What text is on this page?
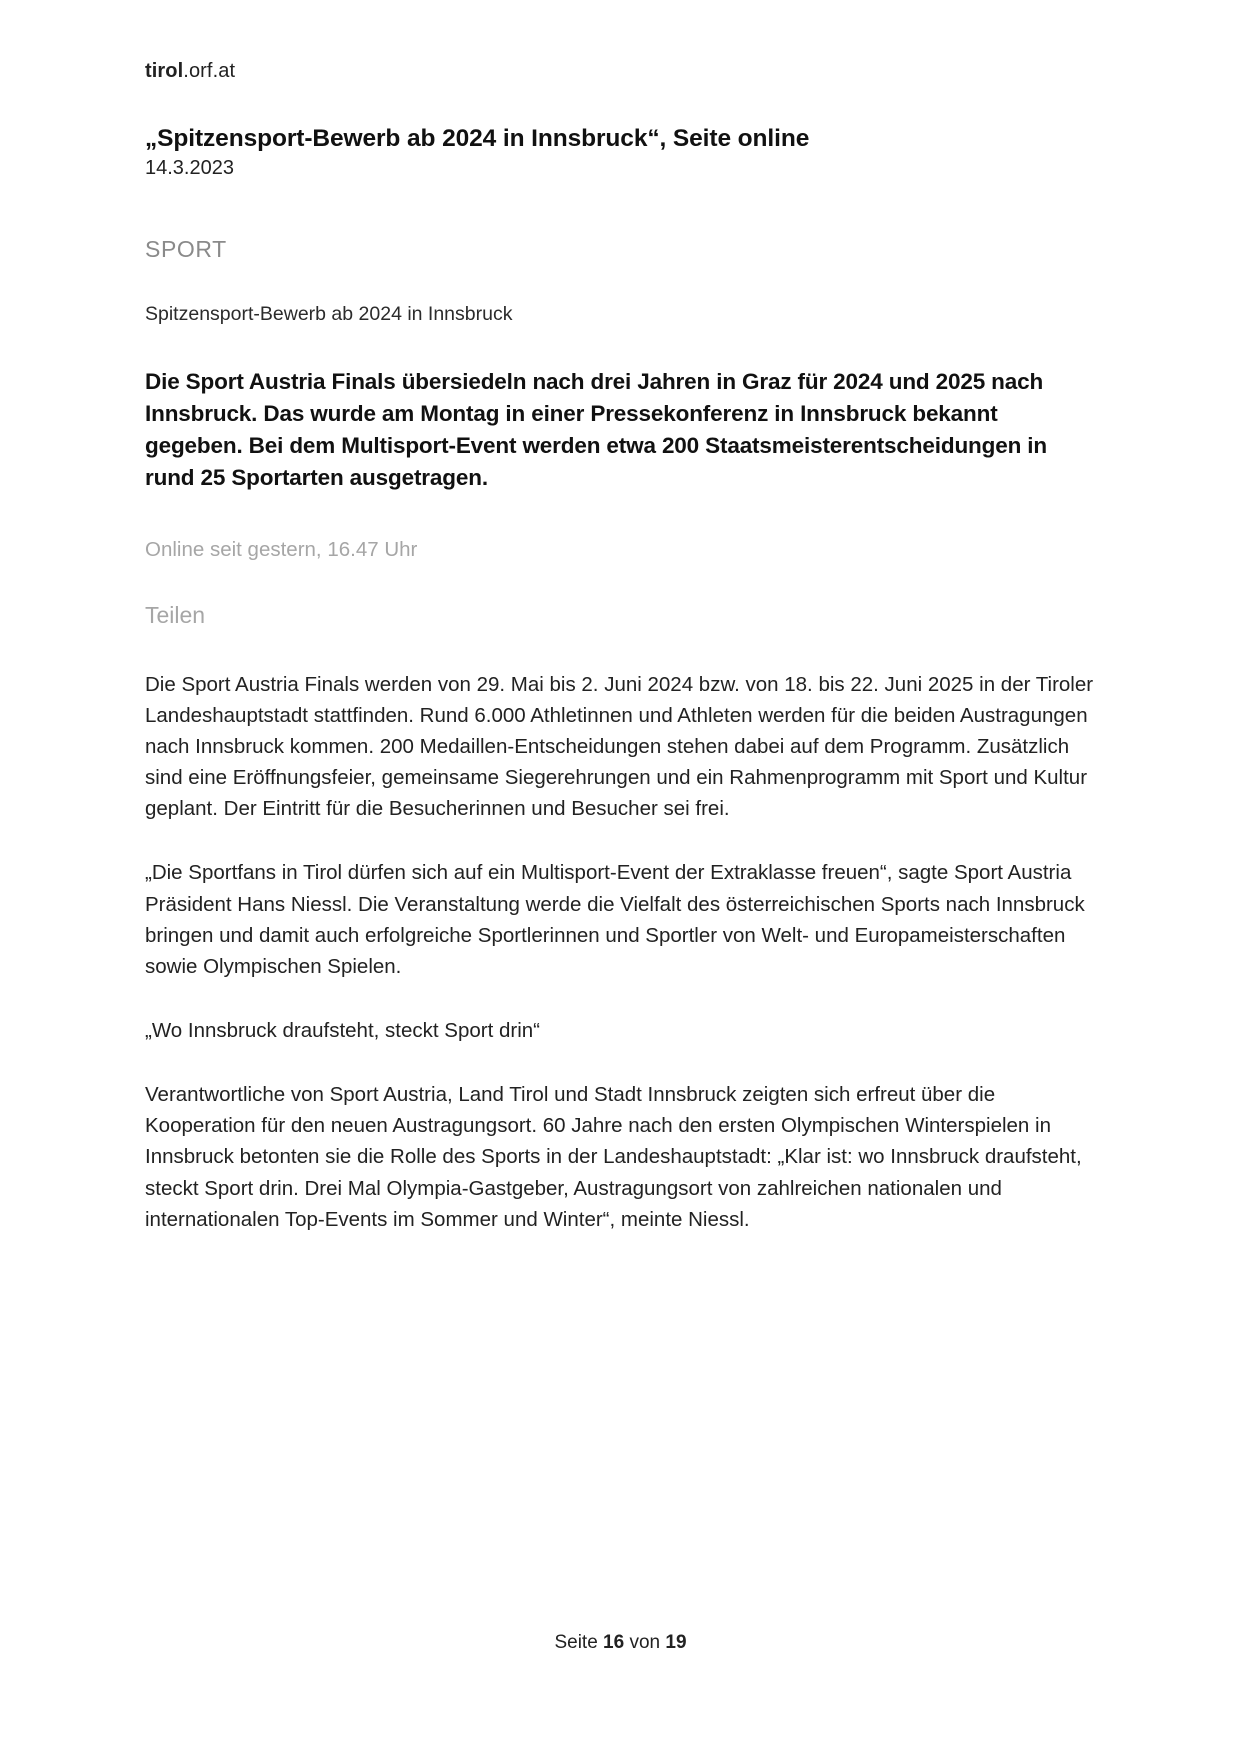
tirol.orf.at
„Spitzensport-Bewerb ab 2024 in Innsbruck“, Seite online
14.3.2023
SPORT
Spitzensport-Bewerb ab 2024 in Innsbruck

Die Sport Austria Finals übersiedeln nach drei Jahren in Graz für 2024 und 2025 nach Innsbruck. Das wurde am Montag in einer Pressekonferenz in Innsbruck bekannt gegeben. Bei dem Multisport-Event werden etwa 200 Staatsmeisterentscheidungen in rund 25 Sportarten ausgetragen.

Online seit gestern, 16.47 Uhr
Teilen

Die Sport Austria Finals werden von 29. Mai bis 2. Juni 2024 bzw. von 18. bis 22. Juni 2025 in der Tiroler Landeshauptstadt stattfinden. Rund 6.000 Athletinnen und Athleten werden für die beiden Austragungen nach Innsbruck kommen. 200 Medaillen-Entscheidungen stehen dabei auf dem Programm. Zusätzlich sind eine Eröffnungsfeier, gemeinsame Siegerehrungen und ein Rahmenprogramm mit Sport und Kultur geplant. Der Eintritt für die Besucherinnen und Besucher sei frei.

„Die Sportfans in Tirol dürfen sich auf ein Multisport-Event der Extraklasse freuen“, sagte Sport Austria Präsident Hans Niessl. Die Veranstaltung werde die Vielfalt des österreichischen Sports nach Innsbruck bringen und damit auch erfolgreiche Sportlerinnen und Sportler von Welt- und Europameisterschaften sowie Olympischen Spielen.

„Wo Innsbruck draufsteht, steckt Sport drin“

Verantwortliche von Sport Austria, Land Tirol und Stadt Innsbruck zeigten sich erfreut über die Kooperation für den neuen Austragungsort. 60 Jahre nach den ersten Olympischen Winterspielen in Innsbruck betonten sie die Rolle des Sports in der Landeshauptstadt: „Klar ist: wo Innsbruck draufsteht, steckt Sport drin. Drei Mal Olympia-Gastgeber, Austragungsort von zahlreichen nationalen und internationalen Top-Events im Sommer und Winter“, meinte Niessl.

Seite 16 von 19
